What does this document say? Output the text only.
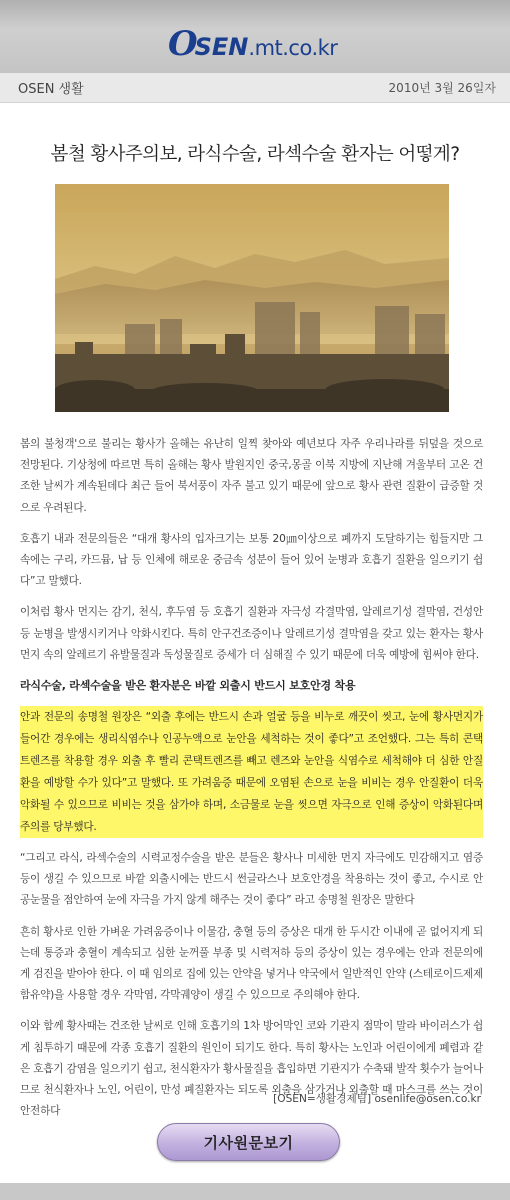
O
SEN .mt.co.kr
OSEN 생활	2010년 3월 26일자
봄철 황사주의보, 라식수술, 라섹수술 환자는 어떻게?

봄의 불청객'으로 불리는 황사가 올해는 유난히 일찍 찾아와 예년보다 자주 우리나라를 뒤덮을 것으로 전망된다. 기상청에 따르면 특히 올해는 황사 발원지인 중국,몽골 이북 지방에 지난해 겨울부터 고온 건조한 날씨가 계속된데다 최근 들어 북서풍이 자주 불고 있기 때문에 앞으로 황사 관련 질환이 급증할 것으로 우려된다.

호흡기 내과 전문의들은 “대개 황사의 입자크기는 보통 20㎛이상으로 폐까지 도달하기는 힘들지만 그 속에는 구리, 카드뮴, 납 등 인체에 해로운 중금속 성분이 들어 있어 눈병과 호흡기 질환을 일으키기 쉽다”고 말했다.

이처럼 황사 먼지는 감기, 천식, 후두염 등 호흡기 질환과 자극성 각결막염, 알레르기성 결막염, 건성안 등 눈병을 발생시키거나 악화시킨다. 특히 안구건조증이나 알레르기성 결막염을 갖고 있는 환자는 황사먼지 속의 알레르기 유발물질과 독성물질로 증세가 더 심해질 수 있기 때문에 더욱 예방에 힘써야 한다.

라식수술, 라섹수술을 받은 환자분은 바깥 외출시 반드시 보호안경 착용

안과 전문의 송명철 원장은 “외출 후에는 반드시 손과 얼굴 등을 비누로 깨끗이 씻고, 눈에 황사먼지가 들어간 경우에는 생리식염수나 인공누액으로 눈안을 세척하는 것이 좋다”고 조언했다. 그는 특히 콘택트렌즈를 착용할 경우 외출 후 빨리 콘택트렌즈를 빼고 렌즈와 눈안을 식염수로 세척해야 더 심한 안질환을 예방할 수가 있다”고 말했다. 또 가려움증 때문에 오염된 손으로 눈을 비비는 경우 안질환이 더욱 악화될 수 있으므로 비비는 것을 삼가야 하며, 소금물로 눈을 씻으면 자극으로 인해 증상이 악화된다며 주의를 당부했다.

“그리고 라식, 라섹수술의 시력교정수술을 받은 분들은 황사나 미세한 먼지 자극에도 민감해지고 염증 등이 생길 수 있으므로 바깥 외출시에는 반드시 썬글라스나 보호안경을 착용하는 것이 좋고, 수시로 안공눈물을 점안하여 눈에 자극을 가지 않게 해주는 것이 좋다” 라고 송명철 원장은 말한다

흔히 황사로 인한 가벼운 가려움증이나 이물감, 충혈 등의 증상은 대개 한 두시간 이내에 곧 없어지게 되는데 통증과 충혈이 계속되고 심한 눈꺼풀 부종 및 시력저하 등의 증상이 있는 경우에는 안과 전문의에게 검진을 받아야 한다. 이 때 임의로 집에 있는 안약을 넣거나 약국에서 일반적인 안약 (스테로이드제제 함유약)을 사용할 경우 각막염, 각막궤양이 생길 수 있으므로 주의해야 한다.

이와 함께 황사때는 건조한 날씨로 인해 호흡기의 1차 방어막인 코와 기관지 점막이 말라 바이러스가 쉽게 침투하기 때문에 각종 호흡기 질환의 원인이 되기도 한다. 특히 황사는 노인과 어린이에게 폐렴과 같은 호흡기 감염을 일으키기 쉽고, 천식환자가 황사물질을 흡입하면 기관지가 수축돼 발작 횟수가 늘어나므로 천식환자나 노인, 어린이, 만성 폐질환자는 되도록 외출을 삼가거나 외출할 때 마스크를 쓰는 것이 안전하다

[OSEN=생활경제팀] osenlife@osen.co.kr
기사원문보기
